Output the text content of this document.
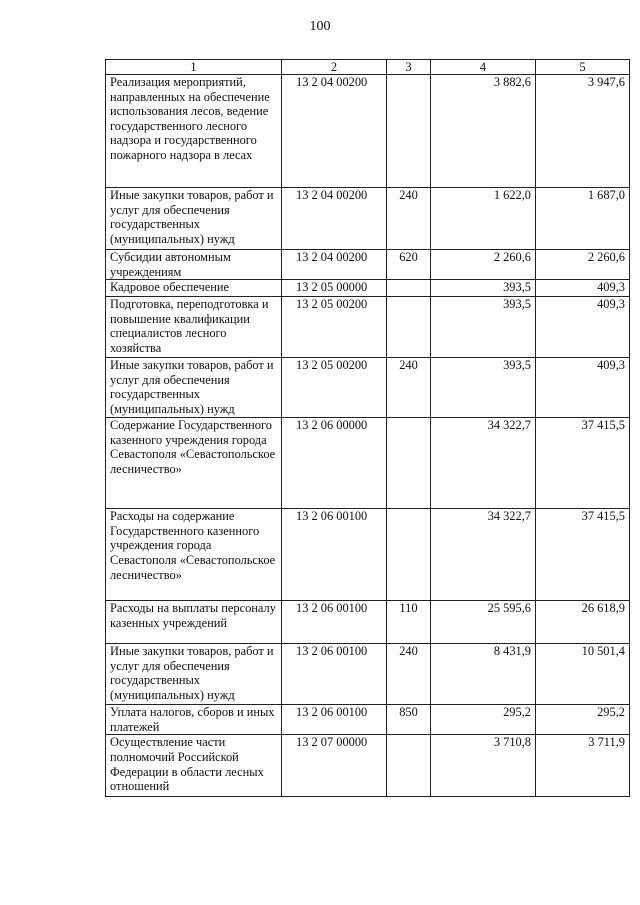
100
1	2	3	4	5
Реализация мероприятий, направленных на обеспечение использования лесов, ведение государственного лесного надзора и государственного пожарного надзора в лесах	13 2 04 00200		3 882,6	3 947,6
Иные закупки товаров, работ и услуг для обеспечения государственных (муниципальных) нужд	13 2 04 00200	240	1 622,0	1 687,0
Субсидии автономным учреждениям	13 2 04 00200	620	2 260,6	2 260,6
Кадровое обеспечение	13 2 05 00000		393,5	409,3
Подготовка, переподготовка и повышение квалификации специалистов лесного хозяйства	13 2 05 00200		393,5	409,3
Иные закупки товаров, работ и услуг для обеспечения государственных (муниципальных) нужд	13 2 05 00200	240	393,5	409,3
Содержание Государственного казенного учреждения города Севастополя «Севастопольское лесничество»	13 2 06 00000		34 322,7	37 415,5
Расходы на содержание Государственного казенного учреждения города Севастополя «Севастопольское лесничество»	13 2 06 00100		34 322,7	37 415,5
Расходы на выплаты персоналу казенных учреждений	13 2 06 00100	110	25 595,6	26 618,9
Иные закупки товаров, работ и услуг для обеспечения государственных (муниципальных) нужд	13 2 06 00100	240	8 431,9	10 501,4
Уплата налогов, сборов и иных платежей	13 2 06 00100	850	295,2	295,2
Осуществление части полномочий Российской Федерации в области лесных отношений	13 2 07 00000		3 710,8	3 711,9
